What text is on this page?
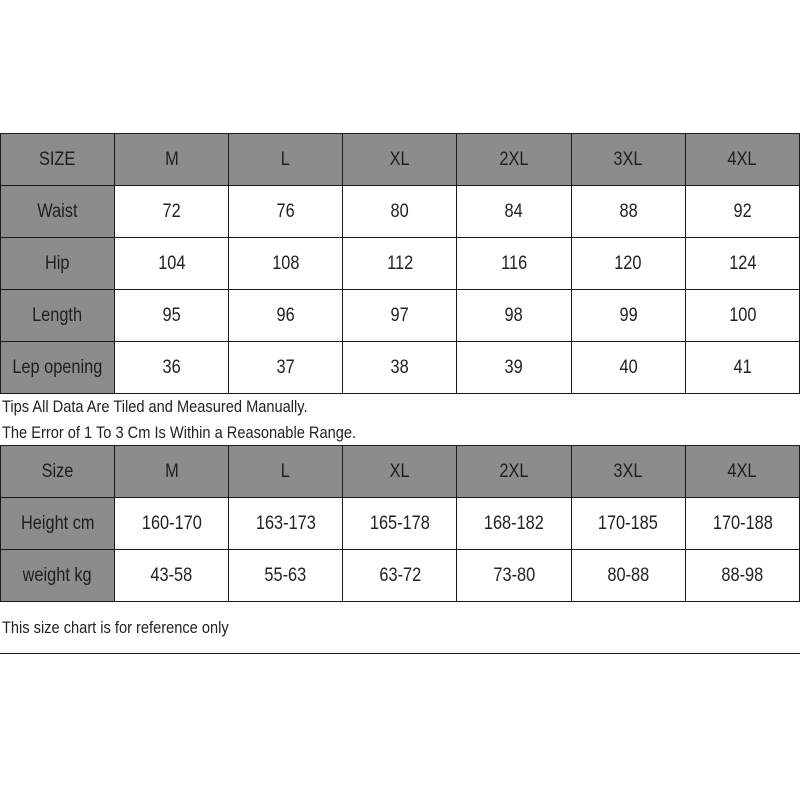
SIZE	M	L	XL	2XL	3XL	4XL
Waist	72	76	80	84	88	92
Hip	104	108	112	116	120	124
Length	95	96	97	98	99	100
Lep opening	36	37	38	39	40	41
Tips All Data Are Tiled and Measured Manually.
The Error of 1 To 3 Cm Is Within a Reasonable Range.
Size	M	L	XL	2XL	3XL	4XL
Height cm	160-170	163-173	165-178	168-182	170-185	170-188
weight kg	43-58	55-63	63-72	73-80	80-88	88-98
This size chart is for reference only
